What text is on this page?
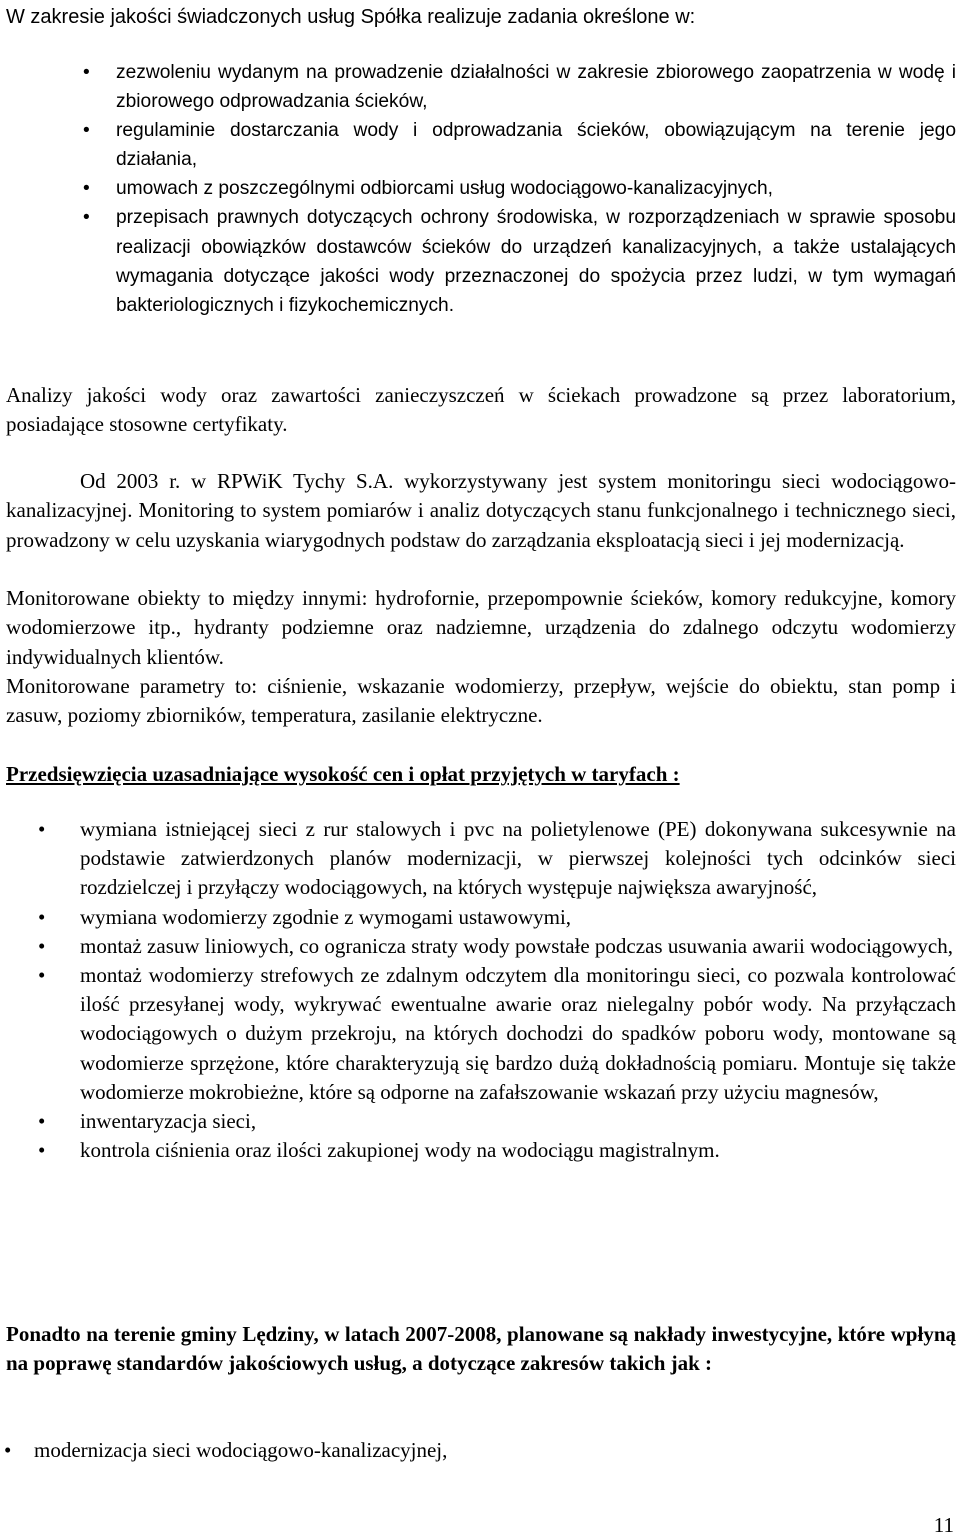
W zakresie jakości świadczonych usług Spółka realizuje zadania określone w:

• zezwoleniu wydanym na prowadzenie działalności w zakresie zbiorowego zaopatrzenia w wodę i zbiorowego odprowadzania ścieków,
• regulaminie dostarczania wody i odprowadzania ścieków, obowiązującym na terenie jego działania,
• umowach z poszczególnymi odbiorcami usług wodociągowo-kanalizacyjnych,
• przepisach prawnych dotyczących ochrony środowiska, w rozporządzeniach w sprawie sposobu realizacji obowiązków dostawców ścieków do urządzeń kanalizacyjnych, a także ustalających wymagania dotyczące jakości wody przeznaczonej do spożycia przez ludzi, w tym wymagań bakteriologicznych i fizykochemicznych.

Analizy jakości wody oraz zawartości zanieczyszczeń w ściekach prowadzone są przez laboratorium, posiadające stosowne certyfikaty.

Od 2003 r. w RPWiK Tychy S.A. wykorzystywany jest system monitoringu sieci wodociągowo-kanalizacyjnej. Monitoring to system pomiarów i analiz dotyczących stanu funkcjonalnego i technicznego sieci, prowadzony w celu uzyskania wiarygodnych podstaw do zarządzania eksploatacją sieci i jej modernizacją.

Monitorowane obiekty to między innymi: hydrofornie, przepompownie ścieków, komory redukcyjne, komory wodomierzowe itp., hydranty podziemne oraz nadziemne, urządzenia do zdalnego odczytu wodomierzy indywidualnych klientów.

Monitorowane parametry to: ciśnienie, wskazanie wodomierzy, przepływ, wejście do obiektu, stan pomp i zasuw, poziomy zbiorników, temperatura, zasilanie elektryczne.

Przedsięwzięcia uzasadniające wysokość cen i opłat przyjętych w taryfach :

• wymiana istniejącej sieci z rur stalowych i pvc na polietylenowe (PE) dokonywana sukcesywnie na podstawie zatwierdzonych planów modernizacji, w pierwszej kolejności tych odcinków sieci rozdzielczej i przyłączy wodociągowych, na których występuje największa awaryjność,
• wymiana wodomierzy zgodnie z wymogami ustawowymi,
• montaż zasuw liniowych, co ogranicza straty wody powstałe podczas usuwania awarii wodociągowych,
• montaż wodomierzy strefowych ze zdalnym odczytem dla monitoringu sieci, co pozwala kontrolować ilość przesyłanej wody, wykrywać ewentualne awarie oraz nielegalny pobór wody. Na przyłączach wodociągowych o dużym przekroju, na których dochodzi do spadków poboru wody, montowane są wodomierze sprzężone, które charakteryzują się bardzo dużą dokładnością pomiaru. Montuje się także wodomierze mokrobieżne, które są odporne na zafałszowanie wskazań przy użyciu magnesów,
• inwentaryzacja sieci,
• kontrola ciśnienia oraz ilości zakupionej wody na wodociągu magistralnym.

Ponadto na terenie gminy Lędziny, w latach 2007-2008, planowane są nakłady inwestycyjne, które wpłyną na poprawę standardów jakościowych usług, a dotyczące zakresów takich jak :

• modernizacja sieci wodociągowo-kanalizacyjnej,
11
